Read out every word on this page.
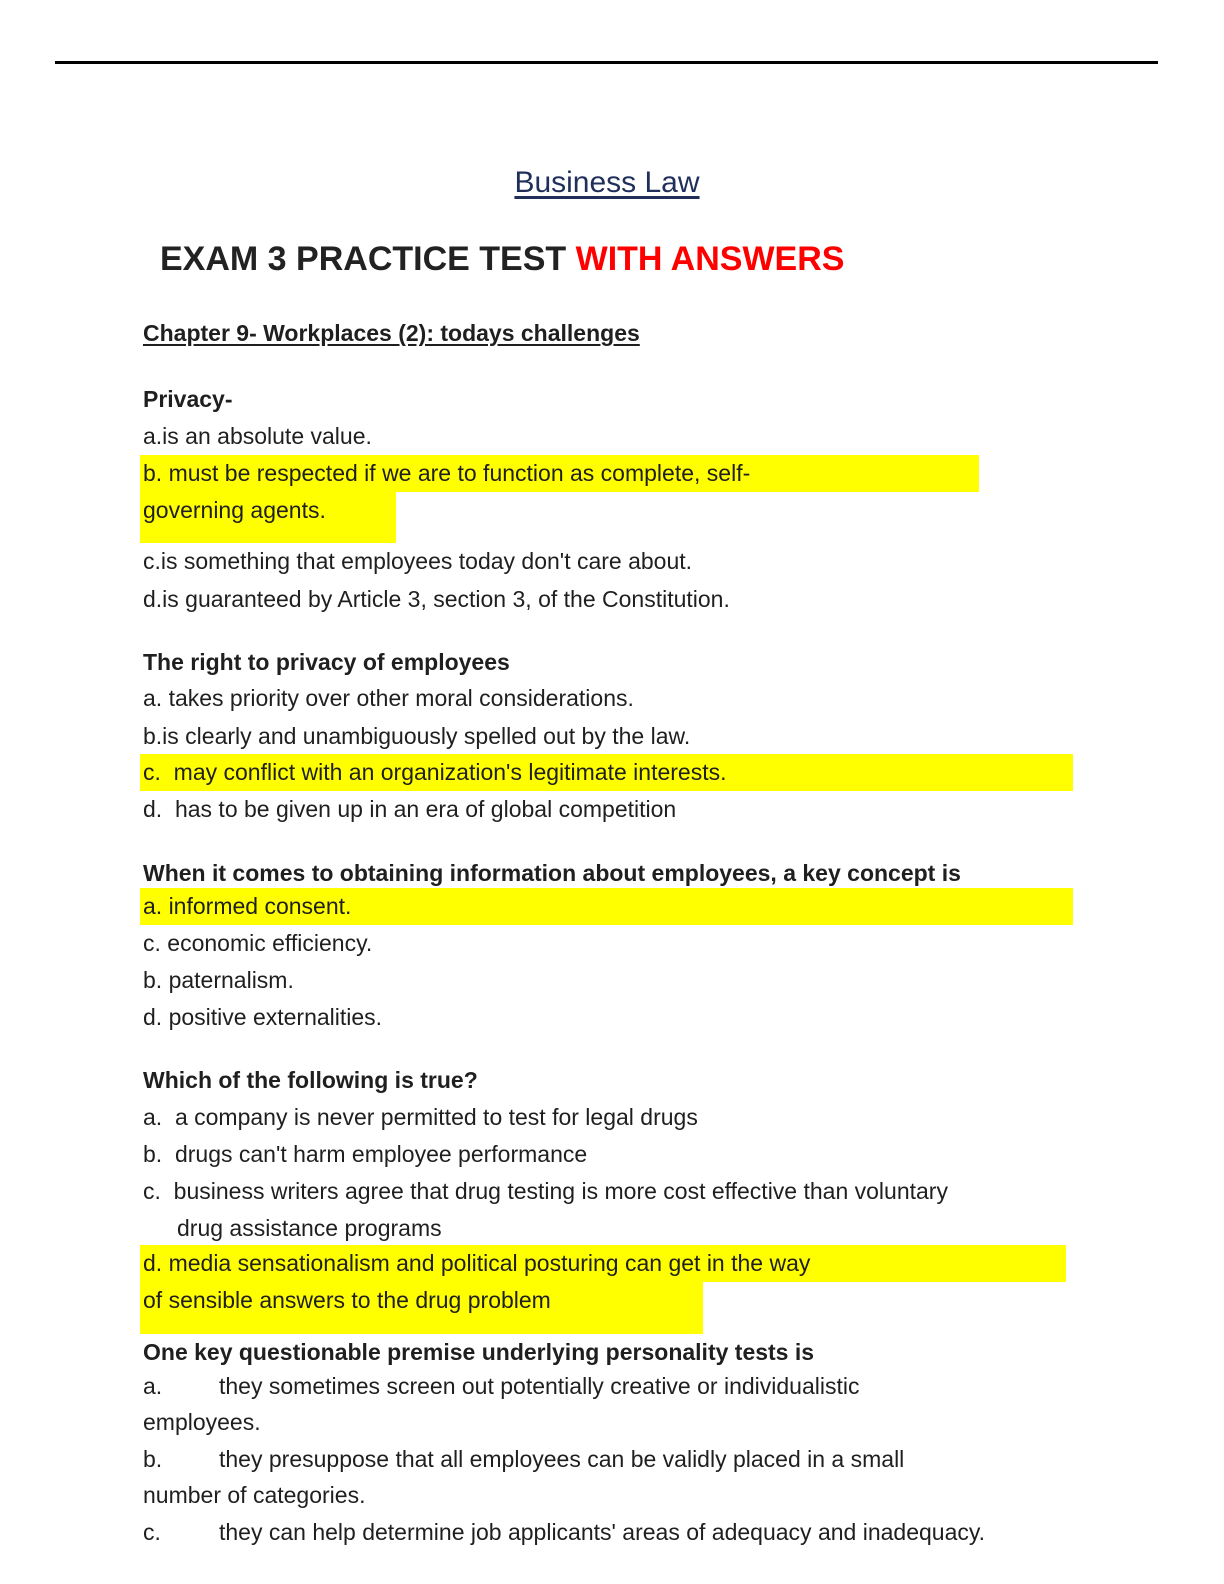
Business Law
EXAM 3 PRACTICE TEST WITH ANSWERS
Chapter 9- Workplaces (2): todays challenges
Privacy-
a.is an absolute value.
b. must be respected if we are to function as complete, self-
governing agents.
c.is something that employees today don't care about.
d.is guaranteed by Article 3, section 3, of the Constitution.
The right to privacy of employees
a. takes priority over other moral considerations.
b.is clearly and unambiguously spelled out by the law.
c.  may conflict with an organization's legitimate interests.
d.  has to be given up in an era of global competition
When it comes to obtaining information about employees, a key concept is
a. informed consent.
c. economic efficiency.
b. paternalism.
d. positive externalities.
Which of the following is true?
a.  a company is never permitted to test for legal drugs
b.  drugs can't harm employee performance
c.  business writers agree that drug testing is more cost effective than voluntary
drug assistance programs
d. media sensationalism and political posturing can get in the way
of sensible answers to the drug problem
One key questionable premise underlying personality tests is
a. they sometimes screen out potentially creative or individualistic
employees.
b. they presuppose that all employees can be validly placed in a small
number of categories.
c.	they can help determine job applicants' areas of adequacy and inadequacy.
